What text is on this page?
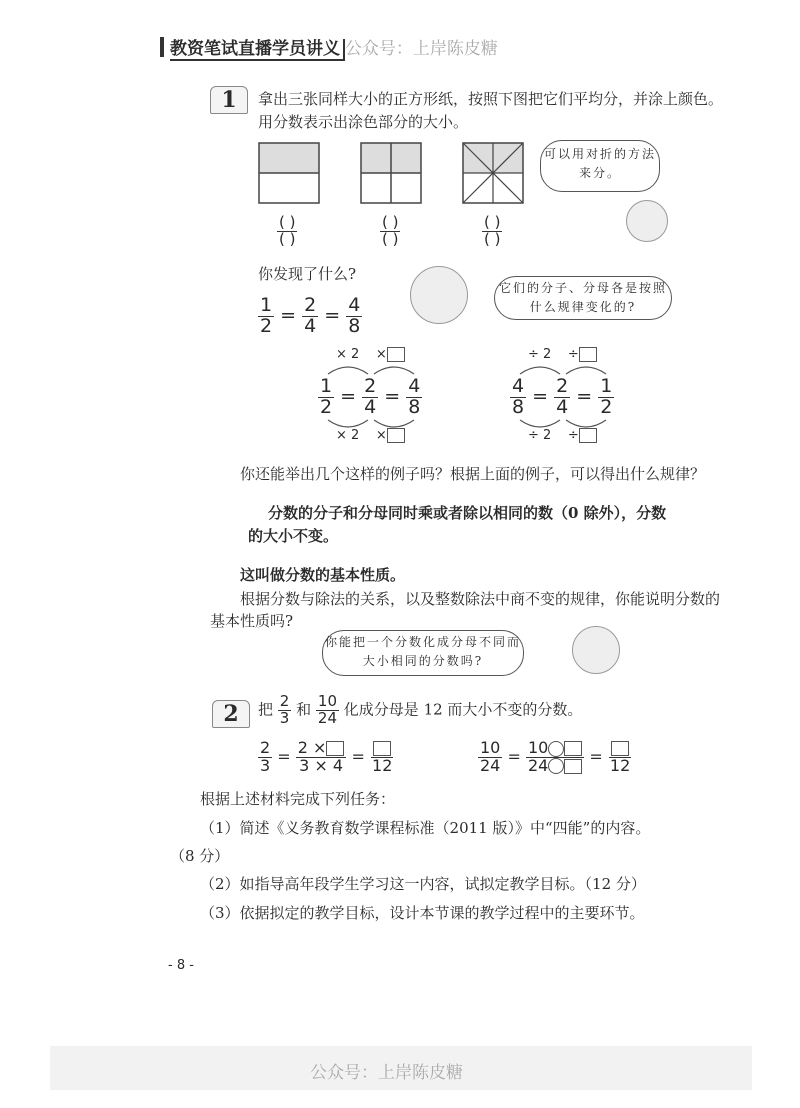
教资笔试直播学员讲义 公众号：上岸陈皮糖
1	拿出三张同样大小的正方形纸，按照下图把它们平均分，并涂上颜色。
用分数表示出涂色部分的大小。
( )
( )
( )
( )
( )
( )
可以用对折的方法来分。
你发现了什么?
它们的分子、分母各是按照什么规律变化的?
$\frac{1}{2} = \frac{2}{4} = \frac{4}{8}$
× 2 ×
$\frac{1}{2} = \frac{2}{4} = \frac{4}{8}$
× 2 ×
÷ 2 ÷
$\frac{4}{8} = \frac{2}{4} = \frac{1}{2}$
÷ 2 ÷
你还能举出几个这样的例子吗？根据上面的例子，可以得出什么规律？
分数的分子和分母同时乘或者除以相同的数（0 除外），分数
的大小不变。
这叫做分数的基本性质。
根据分数与除法的关系，以及整数除法中商不变的规律，你能说明分数的
基本性质吗?
你能把一个分数化成分母不同而大小相同的分数吗?
2	把 $\frac{2}{3}$ 和 $\frac{10}{24}$ 化成分母是 12 而大小不变的分数。
$\frac{2}{3} = \frac{2 \times}{3 \times 4} = 12$	$\frac{10}{24} = \frac{10}{24} = 12$
根据上述材料完成下列任务：
（1）简述《义务教育数学课程标准（2011 版）》中“四能”的内容。
（8 分）
（2）如指导高年段学生学习这一内容，试拟定教学目标。（12 分）
（3）依据拟定的教学目标，设计本节课的教学过程中的主要环节。
- 8 -
公众号：上岸陈皮糖
